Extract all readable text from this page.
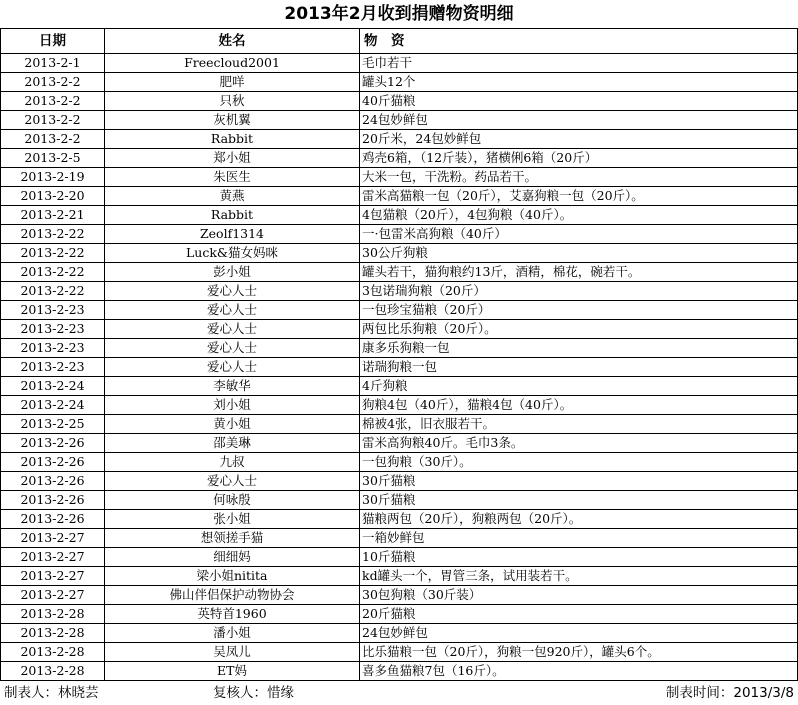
2013年2月收到捐赠物资明细
日期	姓名	物　资
2013-2-1	Freecloud2001	毛巾若干
2013-2-2	肥咩	罐头12个
2013-2-2	只秋	40斤猫粮
2013-2-2	灰机翼	24包妙鲜包
2013-2-2	Rabbit	20斤米，24包妙鲜包
2013-2-5	郑小姐	鸡壳6箱，（12斤装），猪横俐6箱（20斤）
2013-2-19	朱医生	大米一包，干洗粉。药品若干。
2013-2-20	黄燕	雷米高猫粮一包（20斤），艾嘉狗粮一包（20斤）。
2013-2-21	Rabbit	4包猫粮（20斤），4包狗粮（40斤）。
2013-2-22	Zeolf1314	一·包雷米高狗粮（40斤）
2013-2-22	Luck&猫女妈咪	30公斤狗粮
2013-2-22	彭小姐	罐头若干，猫狗粮约13斤，酒精，棉花，碗若干。
2013-2-22	爱心人士	3包诺瑞狗粮（20斤）
2013-2-23	爱心人士	一包珍宝猫粮（20斤）
2013-2-23	爱心人士	两包比乐狗粮（20斤）。
2013-2-23	爱心人士	康多乐狗粮一包
2013-2-23	爱心人士	诺瑞狗粮一包
2013-2-24	李敏华	4斤狗粮
2013-2-24	刘小姐	狗粮4包（40斤），猫粮4包（40斤）。
2013-2-25	黄小姐	棉被4张，旧衣服若干。
2013-2-26	邵美琳	雷米高狗粮40斤。毛巾3条。
2013-2-26	九叔	一包狗粮（30斤）。
2013-2-26	爱心人士	30斤猫粮
2013-2-26	何咏殷	30斤猫粮
2013-2-26	张小姐	猫粮两包（20斤），狗粮两包（20斤）。
2013-2-27	想领搓手猫	一箱妙鲜包
2013-2-27	细细妈	10斤猫粮
2013-2-27	梁小姐nitita	kd罐头一个，胃管三条，试用装若干。
2013-2-27	佛山伴侣保护动物协会	30包狗粮（30斤装）
2013-2-28	英特首1960	20斤猫粮
2013-2-28	潘小姐	24包妙鲜包
2013-2-28	吴凤儿	比乐猫粮一包（20斤），狗粮一包920斤），罐头6个。
2013-2-28	ET妈	喜多鱼猫粮7包（16斤）。
制表人：林晓芸	复核人：惜缘	制表时间：2013/3/8
